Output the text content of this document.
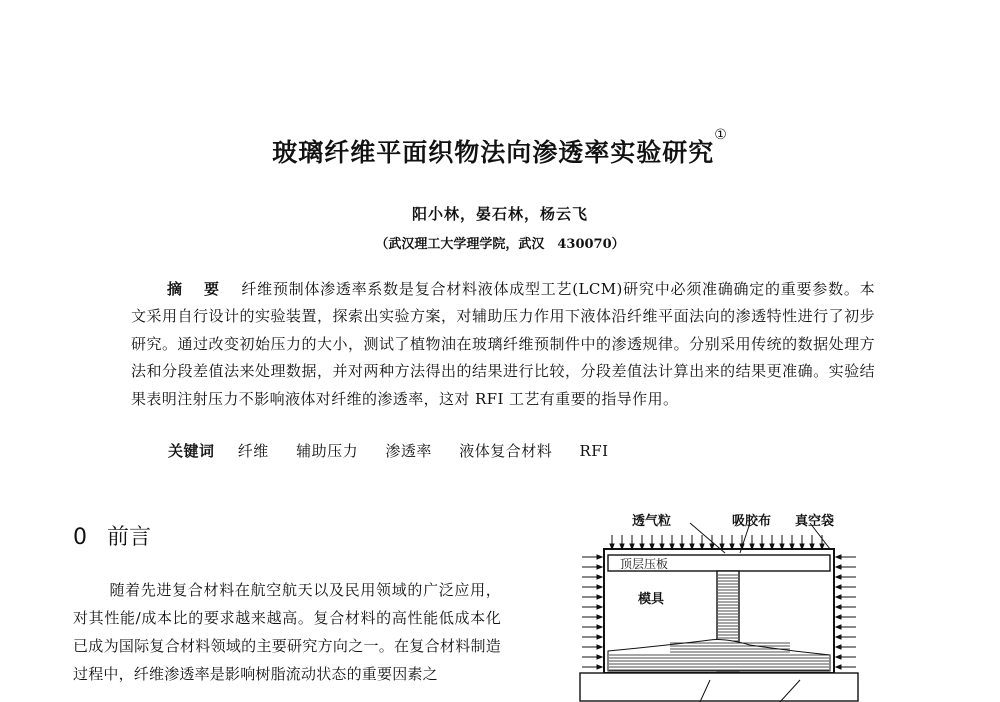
玻璃纤维平面织物法向渗透率实验研究①
阳小林，晏石林，杨云飞
（武汉理工大学理学院，武汉　430070）
摘 要 纤维预制体渗透率系数是复合材料液体成型工艺(LCM)研究中必须准确确定的重要参数。本文采用自行设计的实验装置，探索出实验方案，对辅助压力作用下液体沿纤维平面法向的渗透特性进行了初步研究。通过改变初始压力的大小，测试了植物油在玻璃纤维预制件中的渗透规律。分别采用传统的数据处理方法和分段差值法来处理数据，并对两种方法得出的结果进行比较，分段差值法计算出来的结果更准确。实验结果表明注射压力不影响液体对纤维的渗透率，这对 RFI 工艺有重要的指导作用。
关键词 纤维 辅助压力 渗透率 液体复合材料 RFI
0 前言
随着先进复合材料在航空航天以及民用领域的广泛应用，对其性能/成本比的要求越来越高。复合材料的高性能低成本化已成为国际复合材料领域的主要研究方向之一。在复合材料制造过程中，纤维渗透率是影响树脂流动状态的重要因素之
透气粒	吸胶布 真空袋
顶层压板
模具
